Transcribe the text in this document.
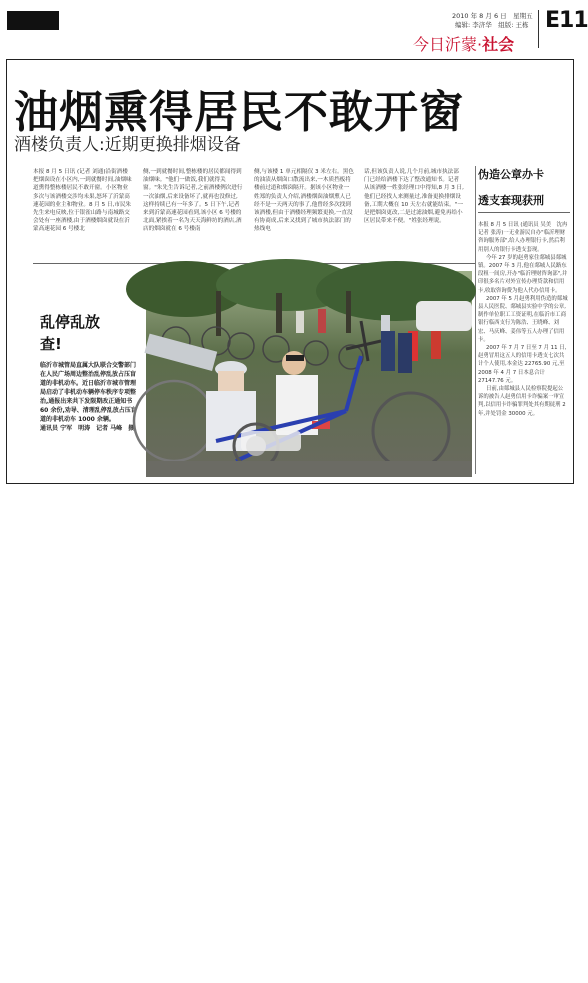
2010 年 8 月 6 日　星期五
编辑: 李济华　组版: 王栋 E11
今日沂蒙·社会
油烟熏得居民不敢开窗
酒楼负责人:近期更换排烟设备

本报 8 月 5 日讯 (记者 刘通)沿街酒楼把烟囱设在小区内,一到就餐时间,油烟味道熏得整栋楼居民不敢开窗。小区物业多次与该酒楼交涉均未果,怒坏了沂蒙高速花园的业主和物业。8 月 5 日,市民朱先生来电反映,位于银雀山路与南城路交会处有一座酒楼,由于酒楼烟囱就设在沂蒙高速花园 6 号楼北

侧,一到就餐时间,整栋楼的居民都闻得到油烟味。"他们一做饭,我们就得关窗。"朱先生告诉记者,之前酒楼例次进行一次油烟,后来设备坏了,就再也没修过,这样持续已有一年多了。5 日下午,记者来到沂蒙高速花园看到,该小区 6 号楼的北面,紧挨着一名为天天海鲜坊的酒店,酒店的烟囱就在 6 号楼南

侧,与该楼 1 单元相隔仅 3 米左右。黑色的油渍从烟囱口散流出来,一木质挡板将楼前过道和烟囱隔开。据该小区物业一姓郑的负责人介绍,酒楼烟囱油烟熏人已经不是一天两天的事了,他曾经多次找到该酒楼,但由于酒楼经理频繁更换,一直没有协商成,后来又找到了城市执法部门的热线电

话,但该负责人说,几个月前,城市执法部门已经给酒楼下达了整改通知书。记者从该酒楼一姓张经理口中得知,8 月 3 日,他们已经找人来测量过,准备更换排烟设备,工期大概在 10 天左右就能结束。"一是把烟囱更改,二是过滤油烟,避免再给小区居民带来不便。"姓张经理说。

伪造公章办卡
透支套现获刑

本报 8 月 5 日讯 (通讯员 吴美　沈冉　记者 张涛)一无业游民自办"临沂理财咨询服务部",给人办理银行卡,然后利用别人的银行卡透支套现。

今年 27 岁的赵勇家住郯城县郯城镇。2007 年 3 月,他在郯城人民路东段租一间房,开办"临沂理财咨询部",并印很多名片对外宣传办理贷款和信用卡,收取咨询费为他人代办信用卡。

2007 年 5 月赵勇利用伪造的郯城县人民医院、郯城县实验中学的公章,制作单位职工工资证明,在临沂市工商银行临西支行为陈浩、王晓峰、刘宏、马庆峰、姜伟等五人办理了信用卡。

2007 年 7 月 7 日至 7 月 11 日,赵勇冒用这五人的信用卡透支七次共计个人使用,本金达 22765.90 元,至 2008 年 4 月 7 日本息合计 27147.76 元。

日前,由郯城县人民检察院提起公诉的被告人赵勇信用卡诈骗案一审宣判,以信用卡诈骗罪判处其有期徒刑 2 年,并处罚金 30000 元。

乱停乱放查!
临沂市城管局直属大队联合交警部门在人民广场周边整治乱停乱放占压盲道的非机动车。近日临沂市城市管理局启动了非机动车辆停车秩序专项整治,通报出来共下发限期改正通知书 60 余份,劝导、清理乱停乱放占压盲道的非机动车 1000 余辆。
通讯员 宁军　明涛　记者 马峰　摄
